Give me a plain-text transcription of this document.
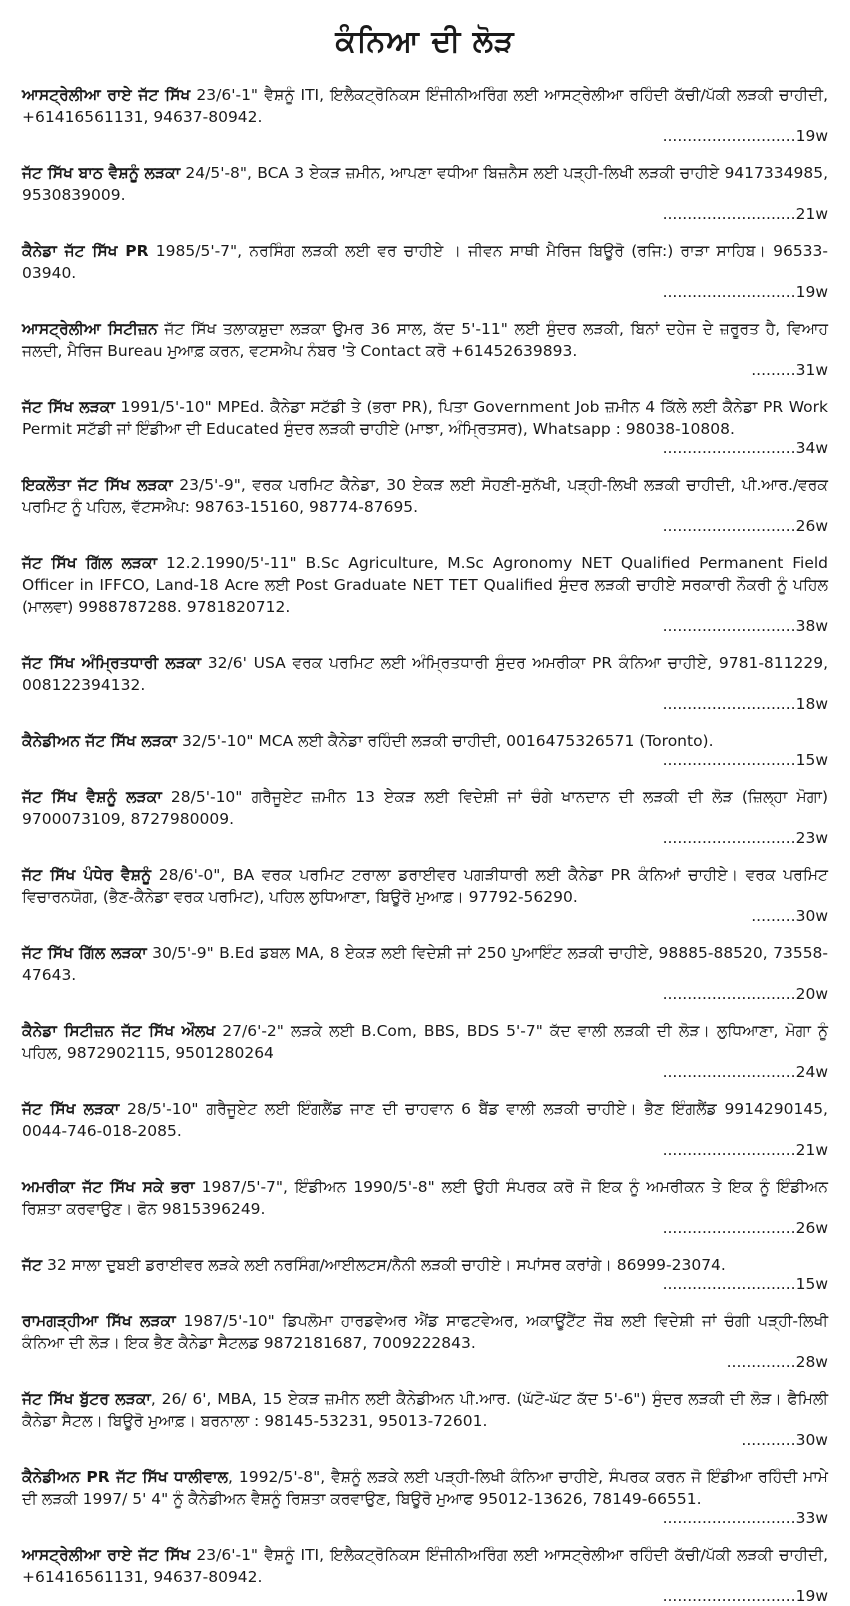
ਕੰਨਿਆ ਦੀ ਲੋੜ
ਆਸਟ੍ਰੇਲੀਆ ਰਾਏ ਜੱਟ ਸਿੱਖ 23/6'-1" ਵੈਸ਼ਨੂੰ ITI, ਇਲੈਕਟ੍ਰੋਨਿਕਸ ਇੰਜੀਨੀਅਰਿੰਗ ਲਈ ਆਸਟ੍ਰੇਲੀਆ ਰਹਿੰਦੀ ਕੱਚੀ/ਪੱਕੀ ਲੜਕੀ ਚਾਹੀਦੀ, +61416561131, 94637-80942.
...........................19w
ਜੱਟ ਸਿੱਖ ਬਾਠ ਵੈਸ਼ਨੂੰ ਲੜਕਾ 24/5'-8", BCA 3 ਏਕੜ ਜ਼ਮੀਨ, ਆਪਣਾ ਵਧੀਆ ਬਿਜ਼ਨੈਸ ਲਈ ਪੜ੍ਹੀ-ਲਿਖੀ ਲੜਕੀ ਚਾਹੀਏ 9417334985, 9530839009.
...........................21w
ਕੈਨੇਡਾ ਜੱਟ ਸਿੱਖ PR 1985/5'-7", ਨਰਸਿੰਗ ਲੜਕੀ ਲਈ ਵਰ ਚਾਹੀਏ । ਜੀਵਨ ਸਾਥੀ ਮੈਰਿਜ ਬਿਊਰੋ (ਰਜਿ:) ਰਾੜਾ ਸਾਹਿਬ। 96533-03940.
...........................19w
ਆਸਟ੍ਰੇਲੀਆ ਸਿਟੀਜ਼ਨ ਜੱਟ ਸਿੱਖ ਤਲਾਕਸ਼ੁਦਾ ਲੜਕਾ ਉਮਰ 36 ਸਾਲ, ਕੱਦ 5'-11" ਲਈ ਸੁੰਦਰ ਲੜਕੀ, ਬਿਨਾਂ ਦਹੇਜ ਦੇ ਜ਼ਰੂਰਤ ਹੈ, ਵਿਆਹ ਜਲਦੀ, ਮੈਰਿਜ Bureau ਮੁਆਫ਼ ਕਰਨ, ਵਟਸਐਪ ਨੰਬਰ 'ਤੇ Contact ਕਰੋ +61452639893.
.........31w
ਜੱਟ ਸਿੱਖ ਲੜਕਾ 1991/5'-10" MPEd. ਕੈਨੇਡਾ ਸਟੱਡੀ ਤੇ (ਭਰਾ PR), ਪਿਤਾ Government Job ਜ਼ਮੀਨ 4 ਕਿੱਲੇ ਲਈ ਕੈਨੇਡਾ PR Work Permit ਸਟੱਡੀ ਜਾਂ ਇੰਡੀਆ ਦੀ Educated ਸੁੰਦਰ ਲੜਕੀ ਚਾਹੀਏ (ਮਾਝਾ, ਅੰਮ੍ਰਿਤਸਰ), Whatsapp : 98038-10808.
...........................34w
ਇਕਲੌਤਾ ਜੱਟ ਸਿੱਖ ਲੜਕਾ 23/5'-9", ਵਰਕ ਪਰਮਿਟ ਕੈਨੇਡਾ, 30 ਏਕੜ ਲਈ ਸੋਹਣੀ-ਸੁਨੱਖੀ, ਪੜ੍ਹੀ-ਲਿਖੀ ਲੜਕੀ ਚਾਹੀਦੀ, ਪੀ.ਆਰ./ਵਰਕ ਪਰਮਿਟ ਨੂੰ ਪਹਿਲ, ਵੱਟਸਐਪ: 98763-15160, 98774-87695.
...........................26w
ਜੱਟ ਸਿੱਖ ਗਿੱਲ ਲੜਕਾ 12.2.1990/5'-11" B.Sc Agriculture, M.Sc Agronomy NET Qualified Permanent Field Officer in IFFCO, Land-18 Acre ਲਈ Post Graduate NET TET Qualified ਸੁੰਦਰ ਲੜਕੀ ਚਾਹੀਏ ਸਰਕਾਰੀ ਨੌਕਰੀ ਨੂੰ ਪਹਿਲ (ਮਾਲਵਾ) 9988787288. 9781820712.
...........................38w
ਜੱਟ ਸਿੱਖ ਅੰਮ੍ਰਿਤਧਾਰੀ ਲੜਕਾ 32/6' USA ਵਰਕ ਪਰਮਿਟ ਲਈ ਅੰਮ੍ਰਿਤਧਾਰੀ ਸੁੰਦਰ ਅਮਰੀਕਾ PR ਕੰਨਿਆ ਚਾਹੀਏ, 9781-811229, 008122394132.
...........................18w
ਕੈਨੇਡੀਅਨ ਜੱਟ ਸਿੱਖ ਲੜਕਾ 32/5'-10" MCA ਲਈ ਕੈਨੇਡਾ ਰਹਿੰਦੀ ਲੜਕੀ ਚਾਹੀਦੀ, 0016475326571 (Toronto).
...........................15w
ਜੱਟ ਸਿੱਖ ਵੈਸ਼ਨੂੰ ਲੜਕਾ 28/5'-10" ਗਰੈਜੂਏਟ ਜ਼ਮੀਨ 13 ਏਕੜ ਲਈ ਵਿਦੇਸ਼ੀ ਜਾਂ ਚੰਗੇ ਖਾਨਦਾਨ ਦੀ ਲੜਕੀ ਦੀ ਲੋੜ (ਜ਼ਿਲ੍ਹਾ ਮੋਗਾ) 9700073109, 8727980009.
...........................23w
ਜੱਟ ਸਿੱਖ ਪੰਧੇਰ ਵੈਸ਼ਨੂੰ 28/6'-0", BA ਵਰਕ ਪਰਮਿਟ ਟਰਾਲਾ ਡਰਾਈਵਰ ਪਗੜੀਧਾਰੀ ਲਈ ਕੈਨੇਡਾ PR ਕੰਨਿਆਂ ਚਾਹੀਏ। ਵਰਕ ਪਰਮਿਟ ਵਿਚਾਰਨਯੋਗ, (ਭੈਣ-ਕੈਨੇਡਾ ਵਰਕ ਪਰਮਿਟ), ਪਹਿਲ ਲੁਧਿਆਣਾ, ਬਿਊਰੋ ਮੁਆਫ਼। 97792-56290.
.........30w
ਜੱਟ ਸਿੱਖ ਗਿੱਲ ਲੜਕਾ 30/5'-9" B.Ed ਡਬਲ MA, 8 ਏਕੜ ਲਈ ਵਿਦੇਸ਼ੀ ਜਾਂ 250 ਪੁਆਇੰਟ ਲੜਕੀ ਚਾਹੀਏ, 98885-88520, 73558-47643.
...........................20w
ਕੈਨੇਡਾ ਸਿਟੀਜ਼ਨ ਜੱਟ ਸਿੱਖ ਔਲਖ 27/6'-2" ਲੜਕੇ ਲਈ B.Com, BBS, BDS 5'-7" ਕੱਦ ਵਾਲੀ ਲੜਕੀ ਦੀ ਲੋੜ। ਲੁਧਿਆਣਾ, ਮੋਗਾ ਨੂੰ ਪਹਿਲ, 9872902115, 9501280264
...........................24w
ਜੱਟ ਸਿੱਖ ਲੜਕਾ 28/5'-10" ਗਰੈਜੂਏਟ ਲਈ ਇੰਗਲੈਂਡ ਜਾਣ ਦੀ ਚਾਹਵਾਨ 6 ਬੈਂਡ ਵਾਲੀ ਲੜਕੀ ਚਾਹੀਏ। ਭੈਣ ਇੰਗਲੈਂਡ 9914290145, 0044-746-018-2085.
...........................21w
ਅਮਰੀਕਾ ਜੱਟ ਸਿੱਖ ਸਕੇ ਭਰਾ 1987/5'-7", ਇੰਡੀਅਨ 1990/5'-8" ਲਈ ਉਹੀ ਸੰਪਰਕ ਕਰੋ ਜੋ ਇਕ ਨੂੰ ਅਮਰੀਕਨ ਤੇ ਇਕ ਨੂੰ ਇੰਡੀਅਨ ਰਿਸ਼ਤਾ ਕਰਵਾਉਣ। ਫੋਨ 9815396249.
...........................26w
ਜੱਟ 32 ਸਾਲਾ ਦੁਬਈ ਡਰਾਈਵਰ ਲੜਕੇ ਲਈ ਨਰਸਿੰਗ/ਆਈਲਟਸ/ਨੈਨੀ ਲੜਕੀ ਚਾਹੀਏ। ਸਪਾਂਸਰ ਕਰਾਂਗੇ। 86999-23074.
...........................15w
ਰਾਮਗੜ੍ਹੀਆ ਸਿੱਖ ਲੜਕਾ 1987/5'-10" ਡਿਪਲੋਮਾ ਹਾਰਡਵੇਅਰ ਐਂਡ ਸਾਫਟਵੇਅਰ, ਅਕਾਊਂਟੈਂਟ ਜੌਬ ਲਈ ਵਿਦੇਸ਼ੀ ਜਾਂ ਚੰਗੀ ਪੜ੍ਹੀ-ਲਿਖੀ ਕੰਨਿਆ ਦੀ ਲੋੜ। ਇਕ ਭੈਣ ਕੈਨੇਡਾ ਸੈਟਲਡ 9872181687, 7009222843.
..............28w
ਜੱਟ ਸਿੱਖ ਬੁੱਟਰ ਲੜਕਾ, 26/ 6', MBA, 15 ਏਕੜ ਜ਼ਮੀਨ ਲਈ ਕੈਨੇਡੀਅਨ ਪੀ.ਆਰ. (ਘੱਟੋ-ਘੱਟ ਕੱਦ 5'-6") ਸੁੰਦਰ ਲੜਕੀ ਦੀ ਲੋੜ। ਫੈਮਿਲੀ ਕੈਨੇਡਾ ਸੈਟਲ। ਬਿਊਰੋ ਮੁਆਫ਼। ਬਰਨਾਲਾ : 98145-53231, 95013-72601.
...........30w
ਕੈਨੇਡੀਅਨ PR ਜੱਟ ਸਿੱਖ ਧਾਲੀਵਾਲ, 1992/5'-8", ਵੈਸ਼ਨੂੰ ਲੜਕੇ ਲਈ ਪੜ੍ਹੀ-ਲਿਖੀ ਕੰਨਿਆ ਚਾਹੀਏ, ਸੰਪਰਕ ਕਰਨ ਜੋ ਇੰਡੀਆ ਰਹਿੰਦੀ ਮਾਮੇ ਦੀ ਲੜਕੀ 1997/ 5' 4" ਨੂੰ ਕੈਨੇਡੀਅਨ ਵੈਸ਼ਨੂੰ ਰਿਸ਼ਤਾ ਕਰਵਾਉਣ, ਬਿਊਰੋ ਮੁਆਫ 95012-13626, 78149-66551.
...........................33w
ਆਸਟ੍ਰੇਲੀਆ ਰਾਏ ਜੱਟ ਸਿੱਖ 23/6'-1" ਵੈਸ਼ਨੂੰ ITI, ਇਲੈਕਟ੍ਰੋਨਿਕਸ ਇੰਜੀਨੀਅਰਿੰਗ ਲਈ ਆਸਟ੍ਰੇਲੀਆ ਰਹਿੰਦੀ ਕੱਚੀ/ਪੱਕੀ ਲੜਕੀ ਚਾਹੀਦੀ, +61416561131, 94637-80942.
...........................19w
